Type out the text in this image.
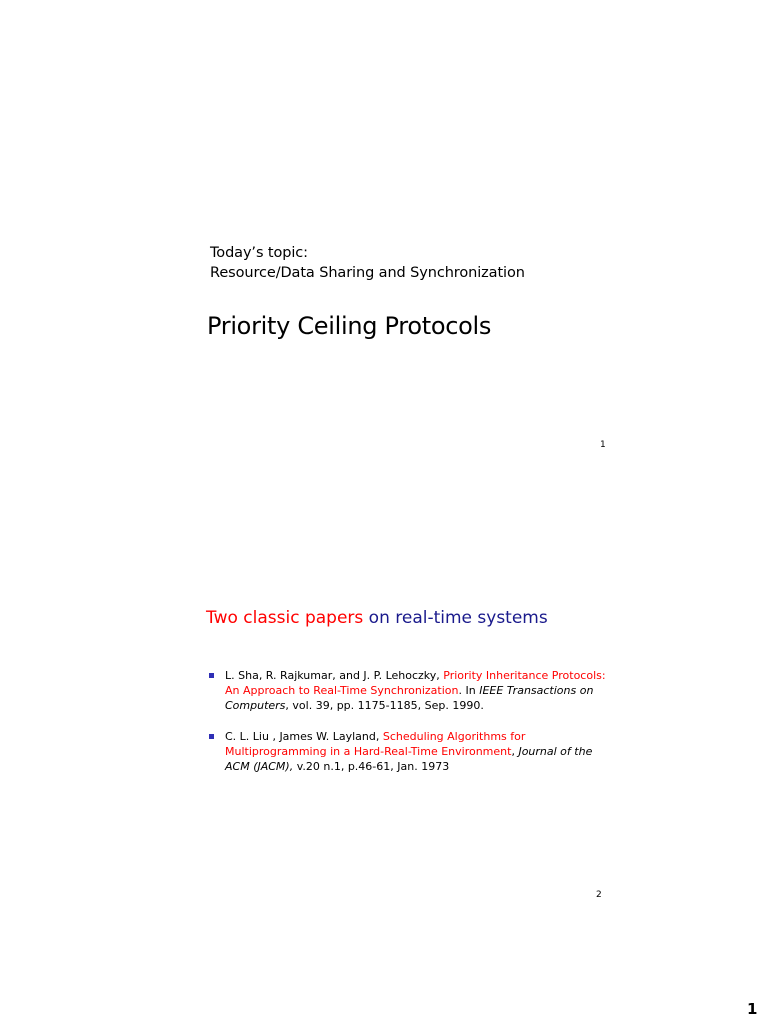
Today’s topic:
Resource/Data Sharing and Synchronization
Priority Ceiling Protocols
1
Two classic papers on real-time systems
L. Sha, R. Rajkumar, and J. P. Lehoczky, Priority Inheritance Protocols: An Approach to Real-Time Synchronization. In IEEE Transactions on Computers, vol. 39, pp. 1175-1185, Sep. 1990.
C. L. Liu , James W. Layland, Scheduling Algorithms for Multiprogramming in a Hard-Real-Time Environment, Journal of the ACM (JACM), v.20 n.1, p.46-61, Jan. 1973
2
1
